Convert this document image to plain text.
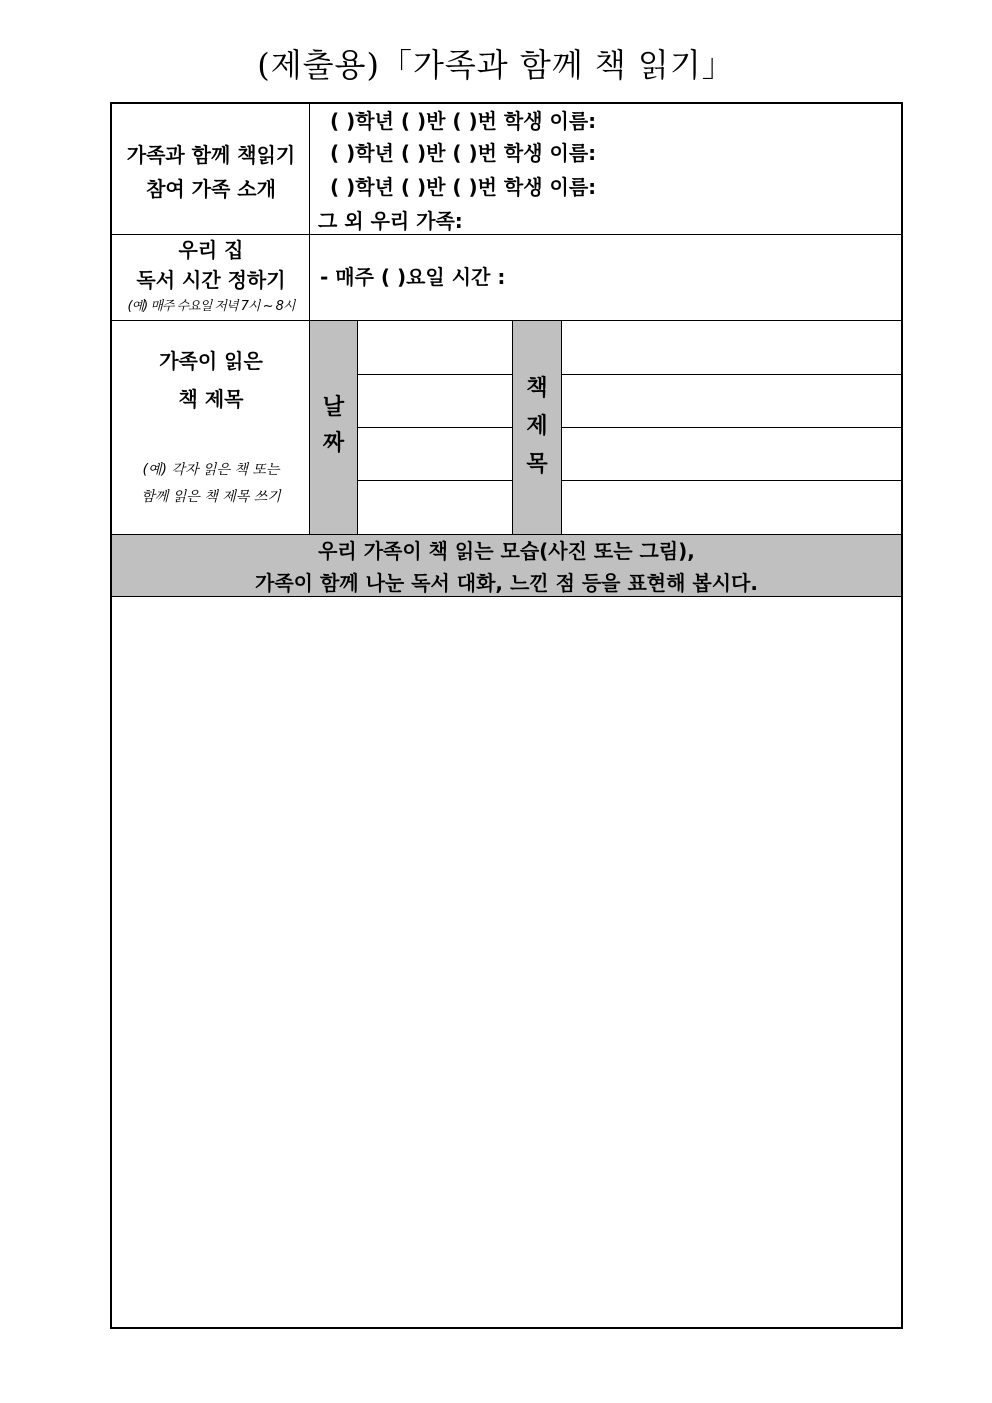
(제출용)「가족과 함께 책 읽기」
가족과 함께 책읽기
참여 가족 소개
( )학년 ( )반 ( )번 학생 이름:
( )학년 ( )반 ( )번 학생 이름:
( )학년 ( )반 ( )번 학생 이름:
그 외 우리 가족:
우리 집
독서 시간 정하기
(예) 매주 수요일 저녁 7시 ~ 8시
- 매주 ( )요일 시간 :
가족이 읽은
책 제목
(예) 각자 읽은 책 또는
함께 읽은 책 제목 쓰기
날
짜
책
제
목
우리 가족이 책 읽는 모습(사진 또는 그림),
가족이 함께 나눈 독서 대화, 느낀 점 등을 표현해 봅시다.
